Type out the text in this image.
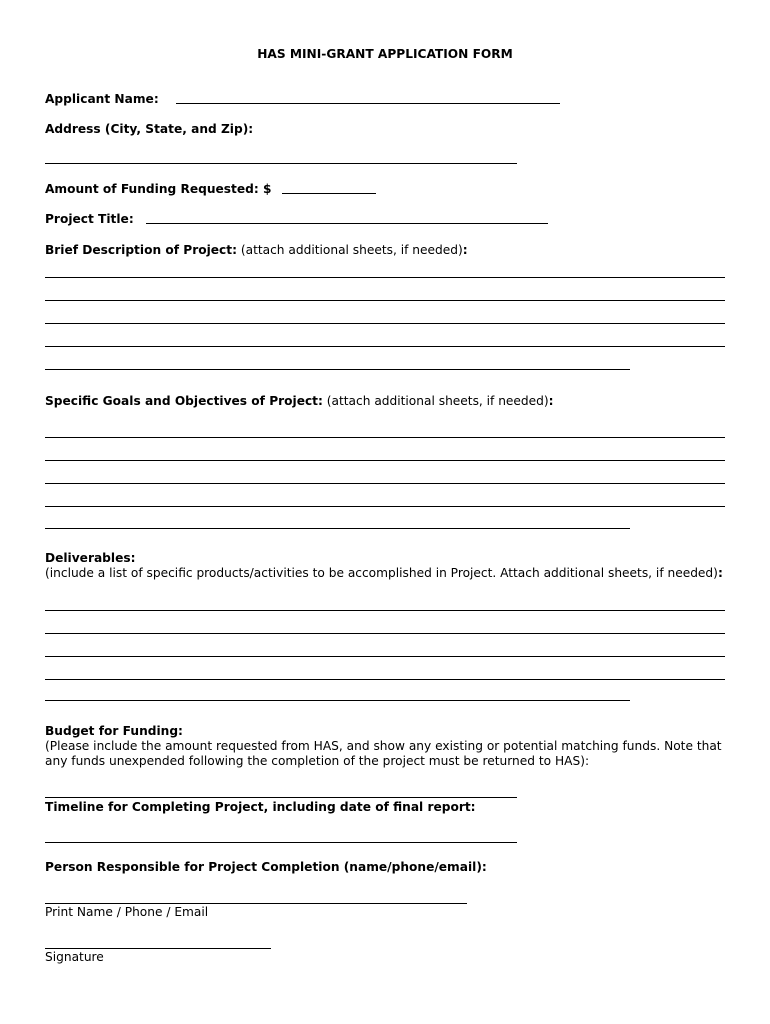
HAS MINI-GRANT APPLICATION FORM
Applicant Name:
Address (City, State, and Zip):
Amount of Funding Requested: $
Project Title:
Brief Description of Project: (attach additional sheets, if needed):
Specific Goals and Objectives of Project: (attach additional sheets, if needed):
Deliverables:
(include a list of specific products/activities to be accomplished in Project. Attach additional sheets, if needed):
Budget for Funding:
(Please include the amount requested from HAS, and show any existing or potential matching funds. Note that any funds unexpended following the completion of the project must be returned to HAS):
Timeline for Completing Project, including date of final report:
Person Responsible for Project Completion (name/phone/email):
Print Name / Phone / Email
Signature
